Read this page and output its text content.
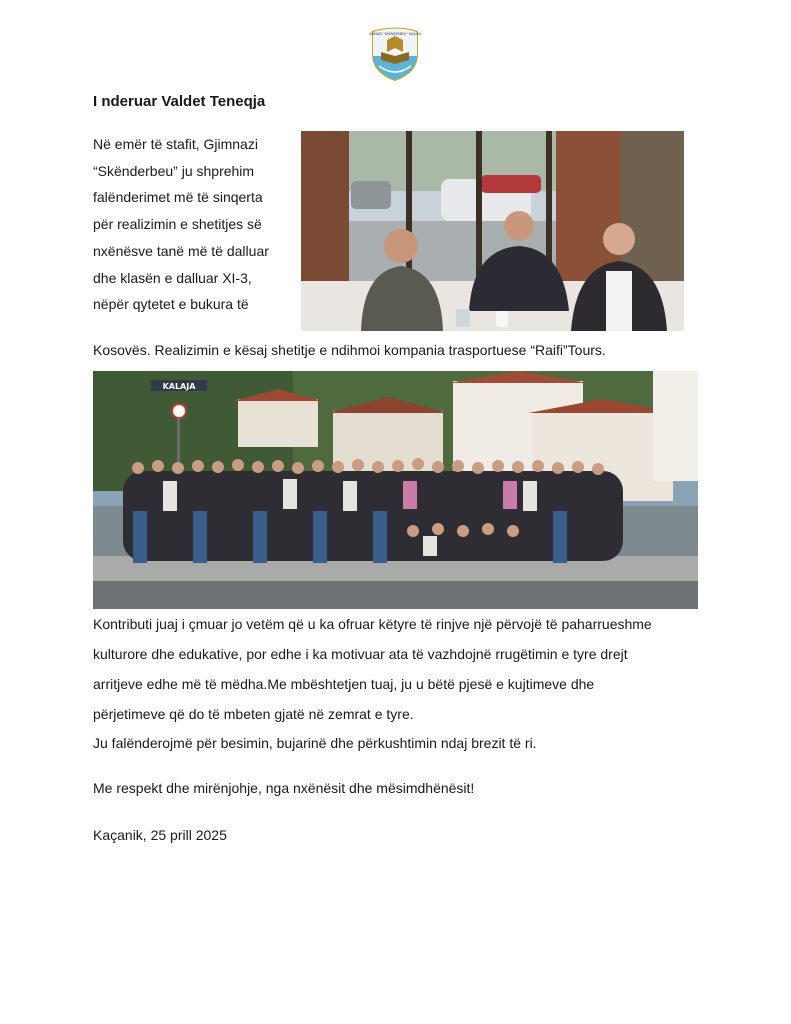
GJIMNAZI "SKËNDERBEU" KAÇANIK

I nderuar Valdet Teneqja

Në emër të stafit, Gjimnazi
“Skënderbeu” ju shprehim
falënderimet më të sinqerta
për realizimin e shetitjes së
nxënësve tanë më të dalluar
dhe klasën e dalluar XI-3,
nëpër qytetet e bukura të

Kosovës. Realizimin e kësaj shetitje e ndihmoi kompania trasportuese “Raifi”Tours.

KALAJA
Kontributi juaj i çmuar jo vetëm që u ka ofruar këtyre të rinjve një përvojë të paharrueshme
kulturore dhe edukative, por edhe i ka motivuar ata të vazhdojnë rrugëtimin e tyre drejt
arritjeve edhe më të mëdha.Me mbështetjen tuaj, ju u bëtë pjesë e kujtimeve dhe
përjetimeve që do të mbeten gjatë në zemrat e tyre.

Ju falënderojmë për besimin, bujarinë dhe përkushtimin ndaj brezit të ri.

Me respekt dhe mirënjohje, nga nxënësit dhe mësimdhënësit!

Kaçanik, 25 prill 2025
